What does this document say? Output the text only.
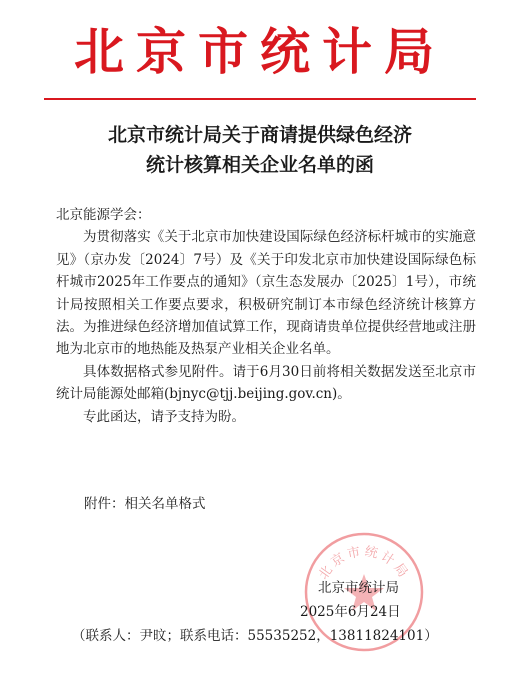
北京市统计局
北京市统计局关于商请提供绿色经济
统计核算相关企业名单的函

北京能源学会：

为贯彻落实《关于北京市加快建设国际绿色经济标杆城市的实施意见》（京办发〔2024〕7号）及《关于印发北京市加快建设国际绿色标杆城市2025年工作要点的通知》（京生态发展办〔2025〕1号），市统计局按照相关工作要点要求，积极研究制订本市绿色经济统计核算方法。为推进绿色经济增加值试算工作，现商请贵单位提供经营地或注册地为北京市的地热能及热泵产业相关企业名单。

具体数据格式参见附件。请于6月30日前将相关数据发送至北京市统计局能源处邮箱(bjnyc@tjj.beijing.gov.cn)。

专此函达，请予支持为盼。

附件：相关名单格式
北京市统计局
北京市统计局
2025年6月24日
（联系人：尹旼；联系电话：55535252，13811824101）
